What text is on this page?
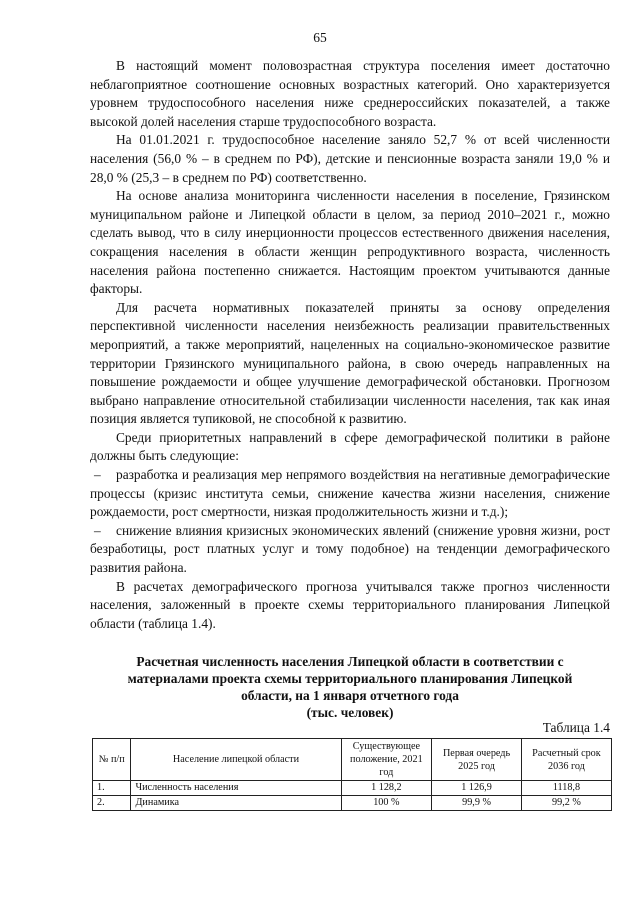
65

В настоящий момент половозрастная структура поселения имеет достаточно неблагоприятное соотношение основных возрастных категорий. Оно характеризуется уровнем трудоспособного населения ниже среднероссийских показателей, а также высокой долей населения старше трудоспособного возраста.

На 01.01.2021 г. трудоспособное население заняло 52,7 % от всей численности населения (56,0 % – в среднем по РФ), детские и пенсионные возраста заняли 19,0 % и 28,0 % (25,3 – в среднем по РФ) соответственно.

На основе анализа мониторинга численности населения в поселение, Грязинском муниципальном районе и Липецкой области в целом, за период 2010–2021 г., можно сделать вывод, что в силу инерционности процессов естественного движения населения, сокращения населения в области женщин репродуктивного возраста, численность населения района постепенно снижается. Настоящим проектом учитываются данные факторы.

Для расчета нормативных показателей приняты за основу определения перспективной численности населения неизбежность реализации правительственных мероприятий, а также мероприятий, нацеленных на социально-экономическое развитие территории Грязинского муниципального района, в свою очередь направленных на повышение рождаемости и общее улучшение демографической обстановки. Прогнозом выбрано направление относительной стабилизации численности населения, так как иная позиция является тупиковой, не способной к развитию.

Среди приоритетных направлений в сфере демографической политики в районе должны быть следующие:

– разработка и реализация мер непрямого воздействия на негативные демографические процессы (кризис института семьи, снижение качества жизни населения, снижение рождаемости, рост смертности, низкая продолжительность жизни и т.д.);

– снижение влияния кризисных экономических явлений (снижение уровня жизни, рост безработицы, рост платных услуг и тому подобное) на тенденции демографического развития района.

В расчетах демографического прогноза учитывался также прогноз численности населения, заложенный в проекте схемы территориального планирования Липецкой области (таблица 1.4).

Расчетная численность населения Липецкой области в соответствии с
материалами проекта схемы территориального планирования Липецкой
области, на 1 января отчетного года
(тыс. человек)
Таблица 1.4
№ п/п	Население липецкой области	Существующее положение, 2021 год	Первая очередь 2025 год	Расчетный срок 2036 год
1.	Численность населения	1 128,2	1 126,9	1118,8
2.	Динамика	100 %	99,9 %	99,2 %
